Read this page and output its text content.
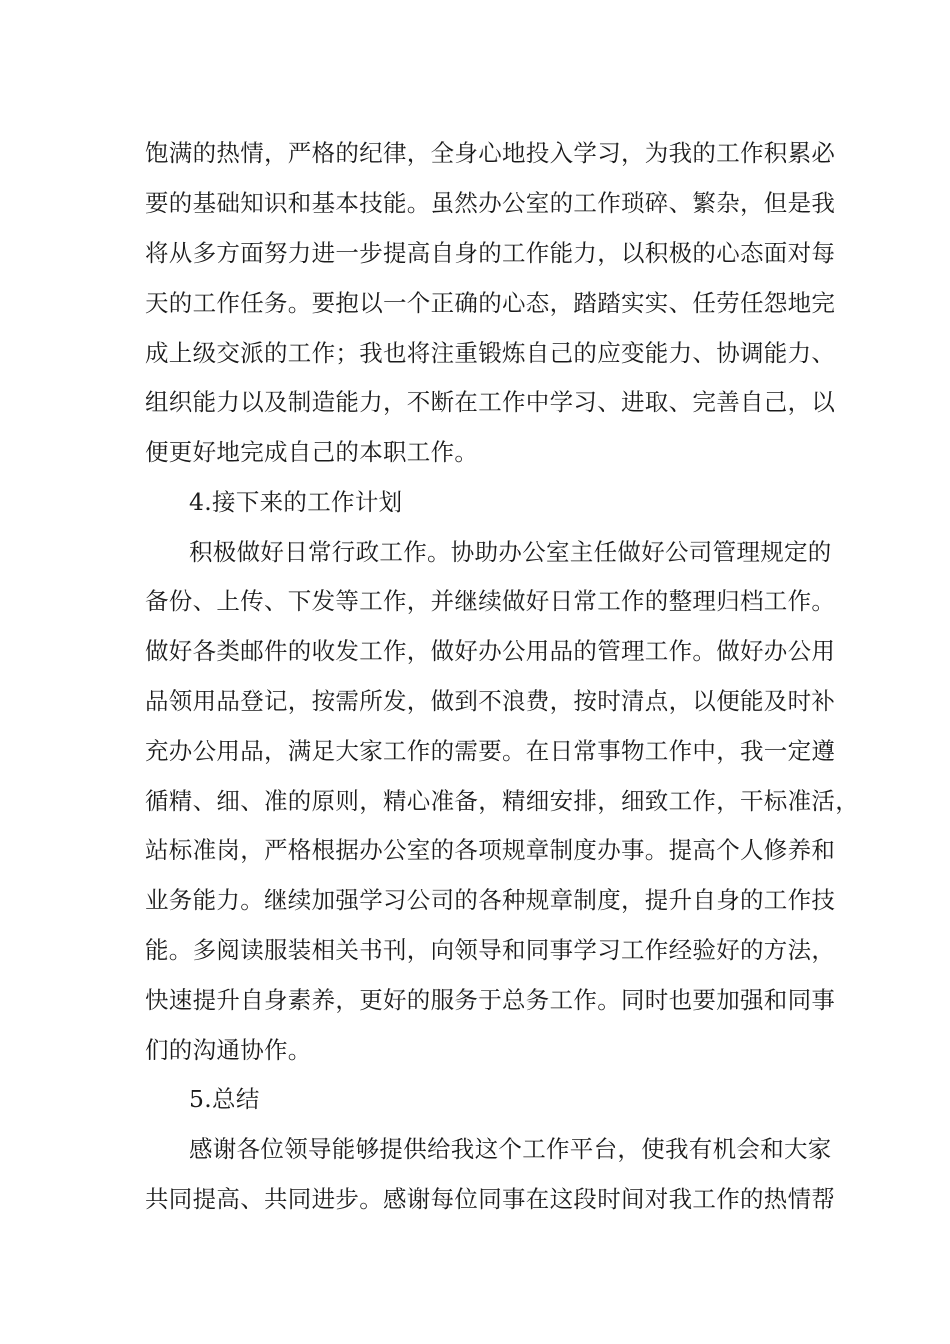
饱满的热情，严格的纪律，全身心地投入学习，为我的工作积累必
要的基础知识和基本技能。虽然办公室的工作琐碎、繁杂，但是我
将从多方面努力进一步提高自身的工作能力，以积极的心态面对每
天的工作任务。要抱以一个正确的心态，踏踏实实、任劳任怨地完
成上级交派的工作；我也将注重锻炼自己的应变能力、协调能力、
组织能力以及制造能力，不断在工作中学习、进取、完善自己，以
便更好地完成自己的本职工作。
4.接下来的工作计划
积极做好日常行政工作。协助办公室主任做好公司管理规定的
备份、上传、下发等工作，并继续做好日常工作的整理归档工作。
做好各类邮件的收发工作，做好办公用品的管理工作。做好办公用
品领用品登记，按需所发，做到不浪费，按时清点，以便能及时补
充办公用品，满足大家工作的需要。在日常事物工作中，我一定遵
循精、细、准的原则，精心准备，精细安排，细致工作，干标准活，
站标准岗，严格根据办公室的各项规章制度办事。提高个人修养和
业务能力。继续加强学习公司的各种规章制度，提升自身的工作技
能。多阅读服装相关书刊，向领导和同事学习工作经验好的方法，
快速提升自身素养，更好的服务于总务工作。同时也要加强和同事
们的沟通协作。
5.总结
感谢各位领导能够提供给我这个工作平台，使我有机会和大家
共同提高、共同进步。感谢每位同事在这段时间对我工作的热情帮
